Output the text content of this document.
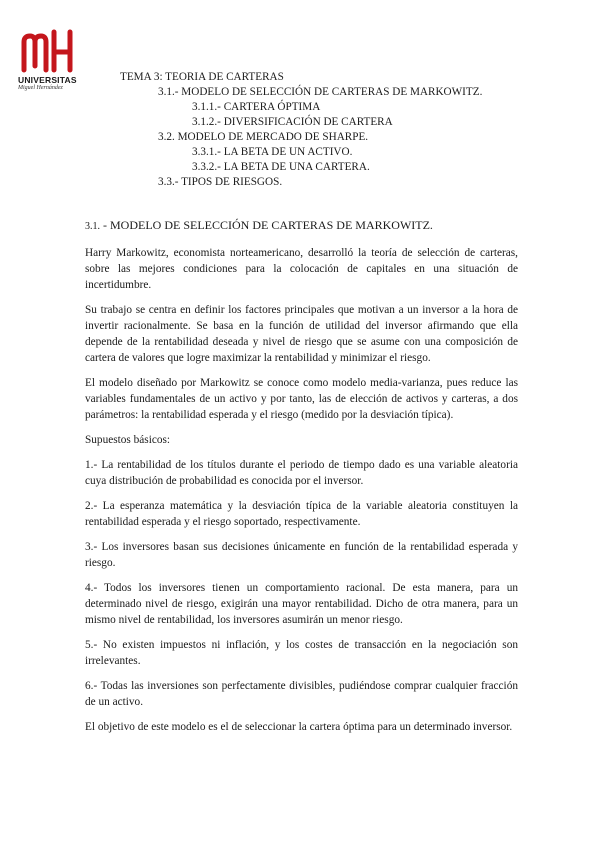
UNIVERSITAS
Miguel Hernández
TEMA 3: TEORIA DE CARTERAS
3.1.- MODELO DE SELECCIÓN DE CARTERAS DE MARKOWITZ.
3.1.1.- CARTERA ÓPTIMA
3.1.2.- DIVERSIFICACIÓN DE CARTERA
3.2. MODELO DE MERCADO DE SHARPE.
3.3.1.- LA BETA DE UN ACTIVO.
3.3.2.- LA BETA DE UNA CARTERA.
3.3.- TIPOS DE RIESGOS.
3.1. - MODELO DE SELECCIÓN DE CARTERAS DE MARKOWITZ.

Harry Markowitz, economista norteamericano, desarrolló la teoría de selección de carteras, sobre las mejores condiciones para la colocación de capitales en una situación de incertidumbre.

Su trabajo se centra en definir los factores principales que motivan a un inversor a la hora de invertir racionalmente. Se basa en la función de utilidad del inversor afirmando que ella depende de la rentabilidad deseada y nivel de riesgo que se asume con una composición de cartera de valores que logre maximizar la rentabilidad y minimizar el riesgo.

El modelo diseñado por Markowitz se conoce como modelo media-varianza, pues reduce las variables fundamentales de un activo y por tanto, las de elección de activos y carteras, a dos parámetros: la rentabilidad esperada y el riesgo (medido por la desviación típica).

Supuestos básicos:

1.- La rentabilidad de los títulos durante el periodo de tiempo dado es una variable aleatoria cuya distribución de probabilidad es conocida por el inversor.

2.- La esperanza matemática y la desviación típica de la variable aleatoria constituyen la rentabilidad esperada y el riesgo soportado, respectivamente.

3.- Los inversores basan sus decisiones únicamente en función de la rentabilidad esperada y riesgo.

4.- Todos los inversores tienen un comportamiento racional. De esta manera, para un determinado nivel de riesgo, exigirán una mayor rentabilidad. Dicho de otra manera, para un mismo nivel de rentabilidad, los inversores asumirán un menor riesgo.

5.- No existen impuestos ni inflación, y los costes de transacción en la negociación son irrelevantes.

6.- Todas las inversiones son perfectamente divisibles, pudiéndose comprar cualquier fracción de un activo.

El objetivo de este modelo es el de seleccionar la cartera óptima para un determinado inversor.
